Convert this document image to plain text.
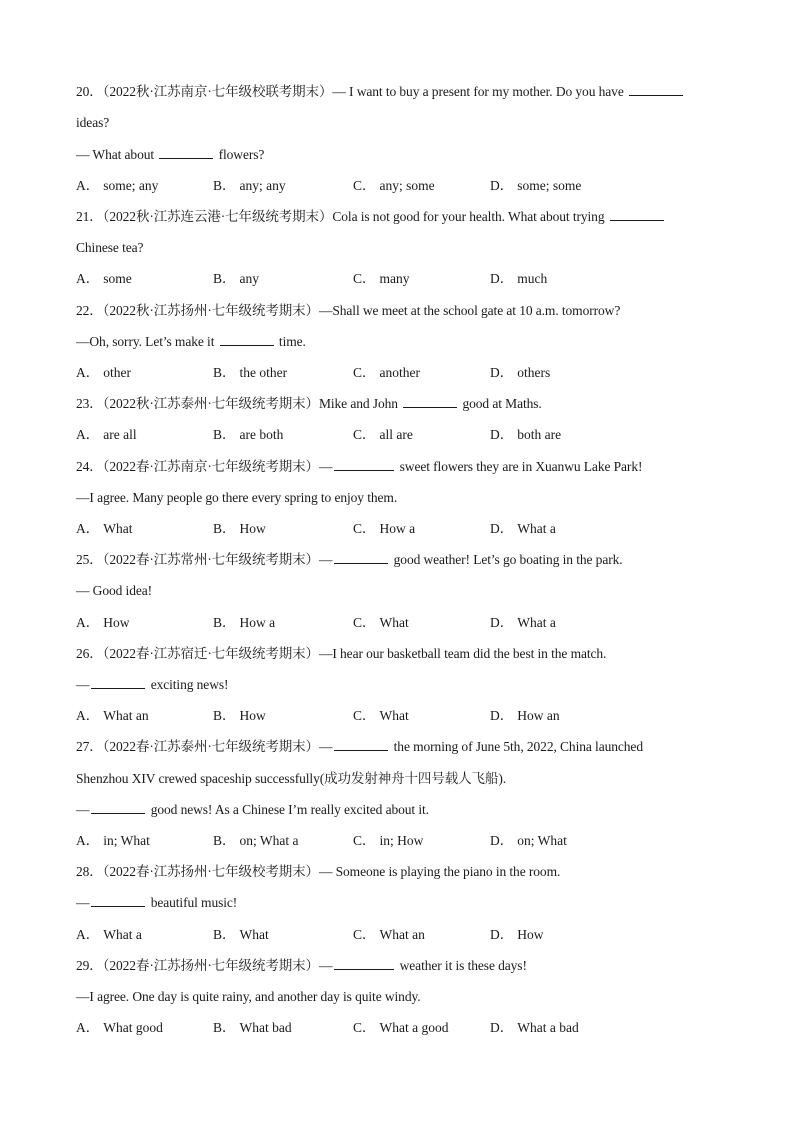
20．（2022秋·江苏南京·七年级校联考期末）— I want to buy a present for my mother. Do you have
ideas?
— What about	flowers?
A． some; any	B． any; any	C． any; some	D． some; some
21．（2022秋·江苏连云港·七年级统考期末）Cola is not good for your health. What about trying
Chinese tea?
A． some	B． any	C． many	D． much
22．（2022秋·江苏扬州·七年级统考期末）—Shall we meet at the school gate at 10 a.m. tomorrow?
—Oh, sorry. Let’s make it	time.
A． other	B． the other	C． another	D． others
23．（2022秋·江苏泰州·七年级统考期末）Mike and John	good at Maths.
A． are all	B． are both	C． all are	D． both are
24．（2022春·江苏南京·七年级统考期末）—	sweet flowers they are in Xuanwu Lake Park!
—I agree. Many people go there every spring to enjoy them.
A． What	B． How	C． How a	D． What a
25．（2022春·江苏常州·七年级统考期末）—	good weather! Let’s go boating in the park.
— Good idea!
A． How	B． How a	C． What	D． What a
26．（2022春·江苏宿迁·七年级统考期末）—I hear our basketball team did the best in the match.
—	exciting news!
A． What an	B． How	C． What	D． How an
27．（2022春·江苏泰州·七年级统考期末）—	the morning of June 5th, 2022, China launched
Shenzhou XIV crewed spaceship successfully(成功发射神舟十四号载人飞船).
—	good news! As a Chinese I’m really excited about it.
A． in; What	B． on; What a	C． in; How	D． on; What
28．（2022春·江苏扬州·七年级校考期末）— Someone is playing the piano in the room.
—	beautiful music!
A． What a	B． What	C． What an	D． How
29．（2022春·江苏扬州·七年级统考期末）—	weather it is these days!
—I agree. One day is quite rainy, and another day is quite windy.
A． What good	B． What bad	C． What a good	D． What a bad
